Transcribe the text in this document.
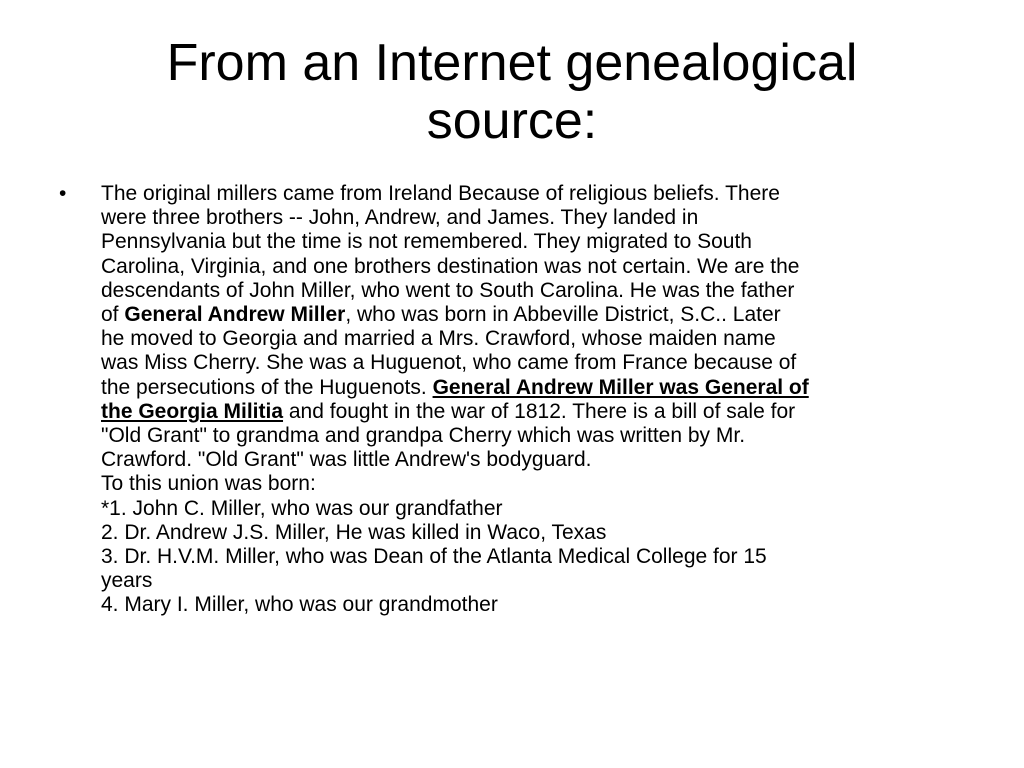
From an Internet genealogical
source:
• The original millers came from Ireland Because of religious beliefs. There
were three brothers -- John, Andrew, and James. They landed in
Pennsylvania but the time is not remembered. They migrated to South
Carolina, Virginia, and one brothers destination was not certain. We are the
descendants of John Miller, who went to South Carolina. He was the father
of General Andrew Miller, who was born in Abbeville District, S.C.. Later
he moved to Georgia and married a Mrs. Crawford, whose maiden name
was Miss Cherry. She was a Huguenot, who came from France because of
the persecutions of the Huguenots. General Andrew Miller was General of
the Georgia Militia and fought in the war of 1812. There is a bill of sale for
"Old Grant" to grandma and grandpa Cherry which was written by Mr.
Crawford. "Old Grant" was little Andrew's bodyguard.
To this union was born:
*1. John C. Miller, who was our grandfather
2. Dr. Andrew J.S. Miller, He was killed in Waco, Texas
3. Dr. H.V.M. Miller, who was Dean of the Atlanta Medical College for 15
years
4. Mary I. Miller, who was our grandmother
